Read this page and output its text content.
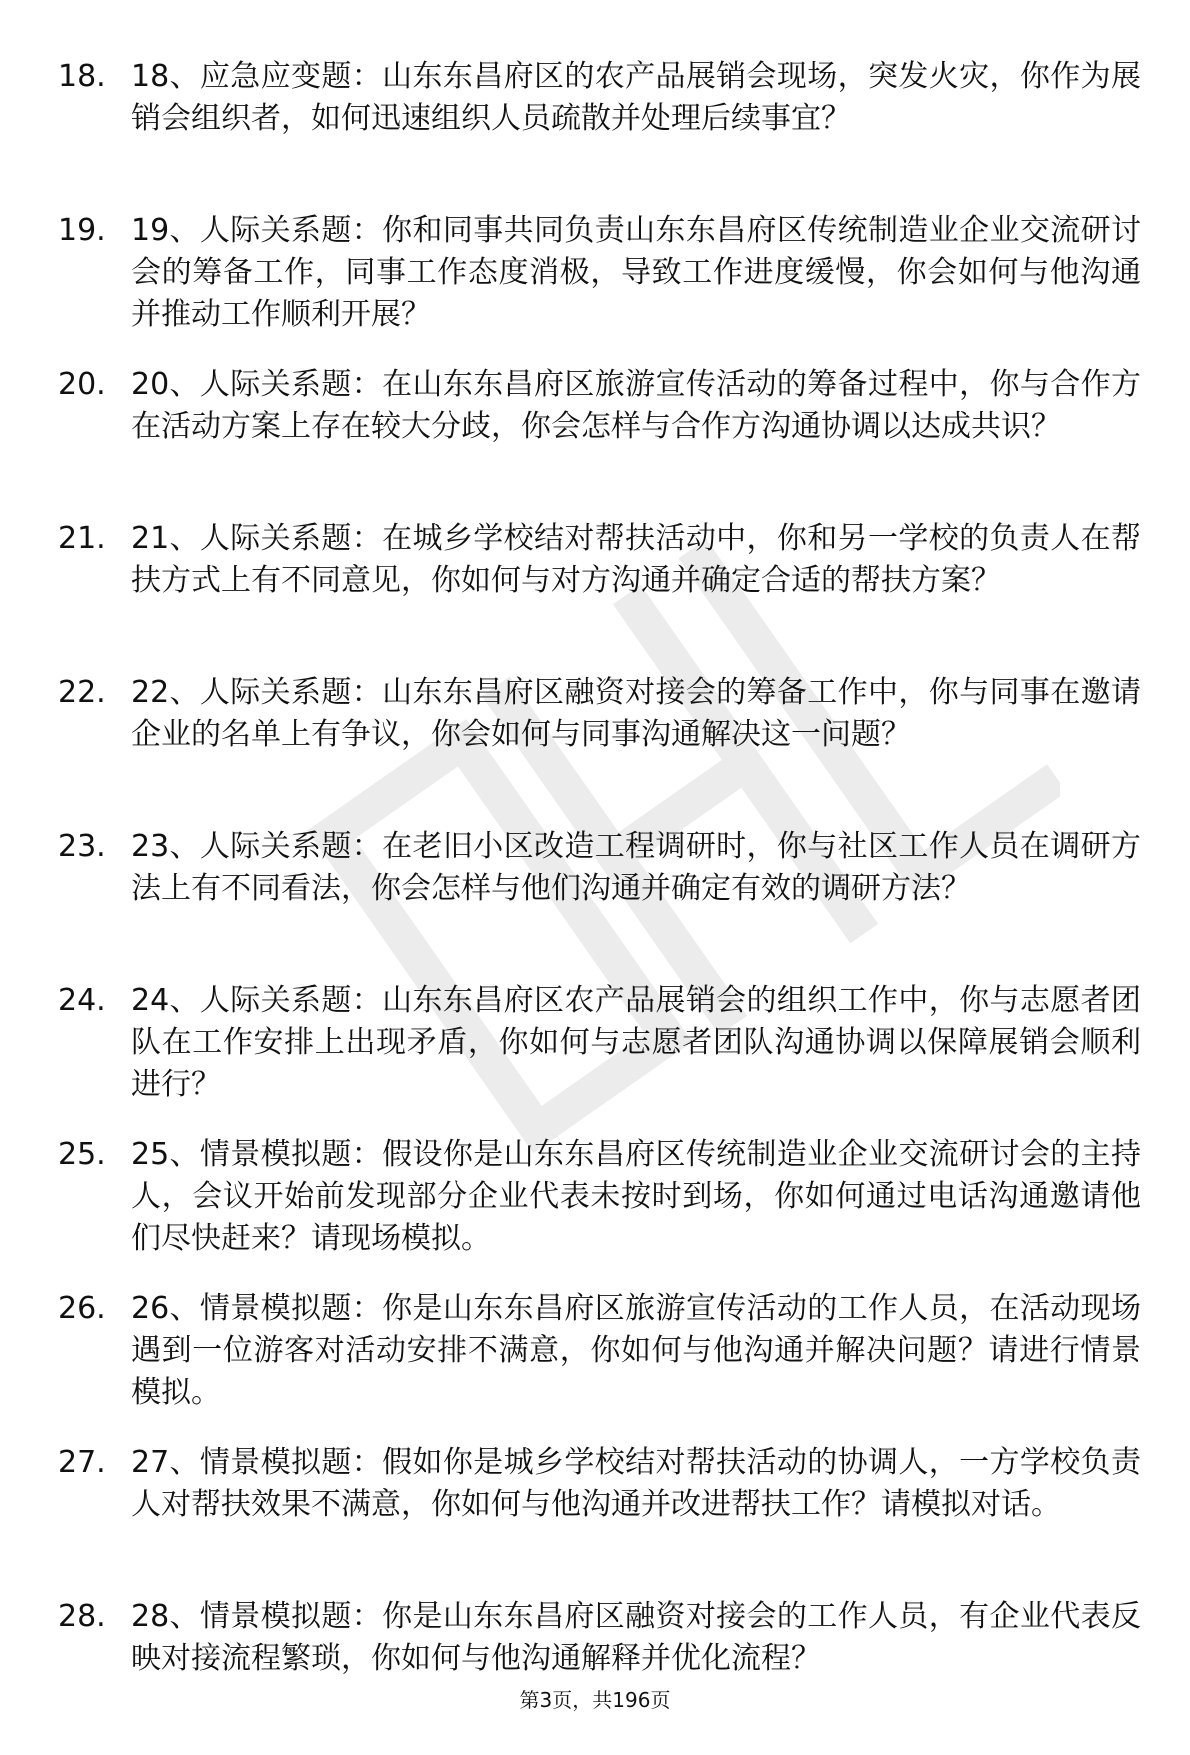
18. 18、应急应变题：山东东昌府区的农产品展销会现场，突发火灾，你作为展销会组织者，如何迅速组织人员疏散并处理后续事宜？
19. 19、人际关系题：你和同事共同负责山东东昌府区传统制造业企业交流研讨会的筹备工作，同事工作态度消极，导致工作进度缓慢，你会如何与他沟通并推动工作顺利开展？
20. 20、人际关系题：在山东东昌府区旅游宣传活动的筹备过程中，你与合作方在活动方案上存在较大分歧，你会怎样与合作方沟通协调以达成共识？
21. 21、人际关系题：在城乡学校结对帮扶活动中，你和另一学校的负责人在帮扶方式上有不同意见，你如何与对方沟通并确定合适的帮扶方案？
22. 22、人际关系题：山东东昌府区融资对接会的筹备工作中，你与同事在邀请企业的名单上有争议，你会如何与同事沟通解决这一问题？
23. 23、人际关系题：在老旧小区改造工程调研时，你与社区工作人员在调研方法上有不同看法，你会怎样与他们沟通并确定有效的调研方法？
24. 24、人际关系题：山东东昌府区农产品展销会的组织工作中，你与志愿者团队在工作安排上出现矛盾，你如何与志愿者团队沟通协调以保障展销会顺利进行？
25. 25、情景模拟题：假设你是山东东昌府区传统制造业企业交流研讨会的主持人，会议开始前发现部分企业代表未按时到场，你如何通过电话沟通邀请他们尽快赶来？请现场模拟。
26. 26、情景模拟题：你是山东东昌府区旅游宣传活动的工作人员，在活动现场遇到一位游客对活动安排不满意，你如何与他沟通并解决问题？请进行情景模拟。
27. 27、情景模拟题：假如你是城乡学校结对帮扶活动的协调人，一方学校负责人对帮扶效果不满意，你如何与他沟通并改进帮扶工作？请模拟对话。
28. 28、情景模拟题：你是山东东昌府区融资对接会的工作人员，有企业代表反映对接流程繁琐，你如何与他沟通解释并优化流程？
第3页，共196页
